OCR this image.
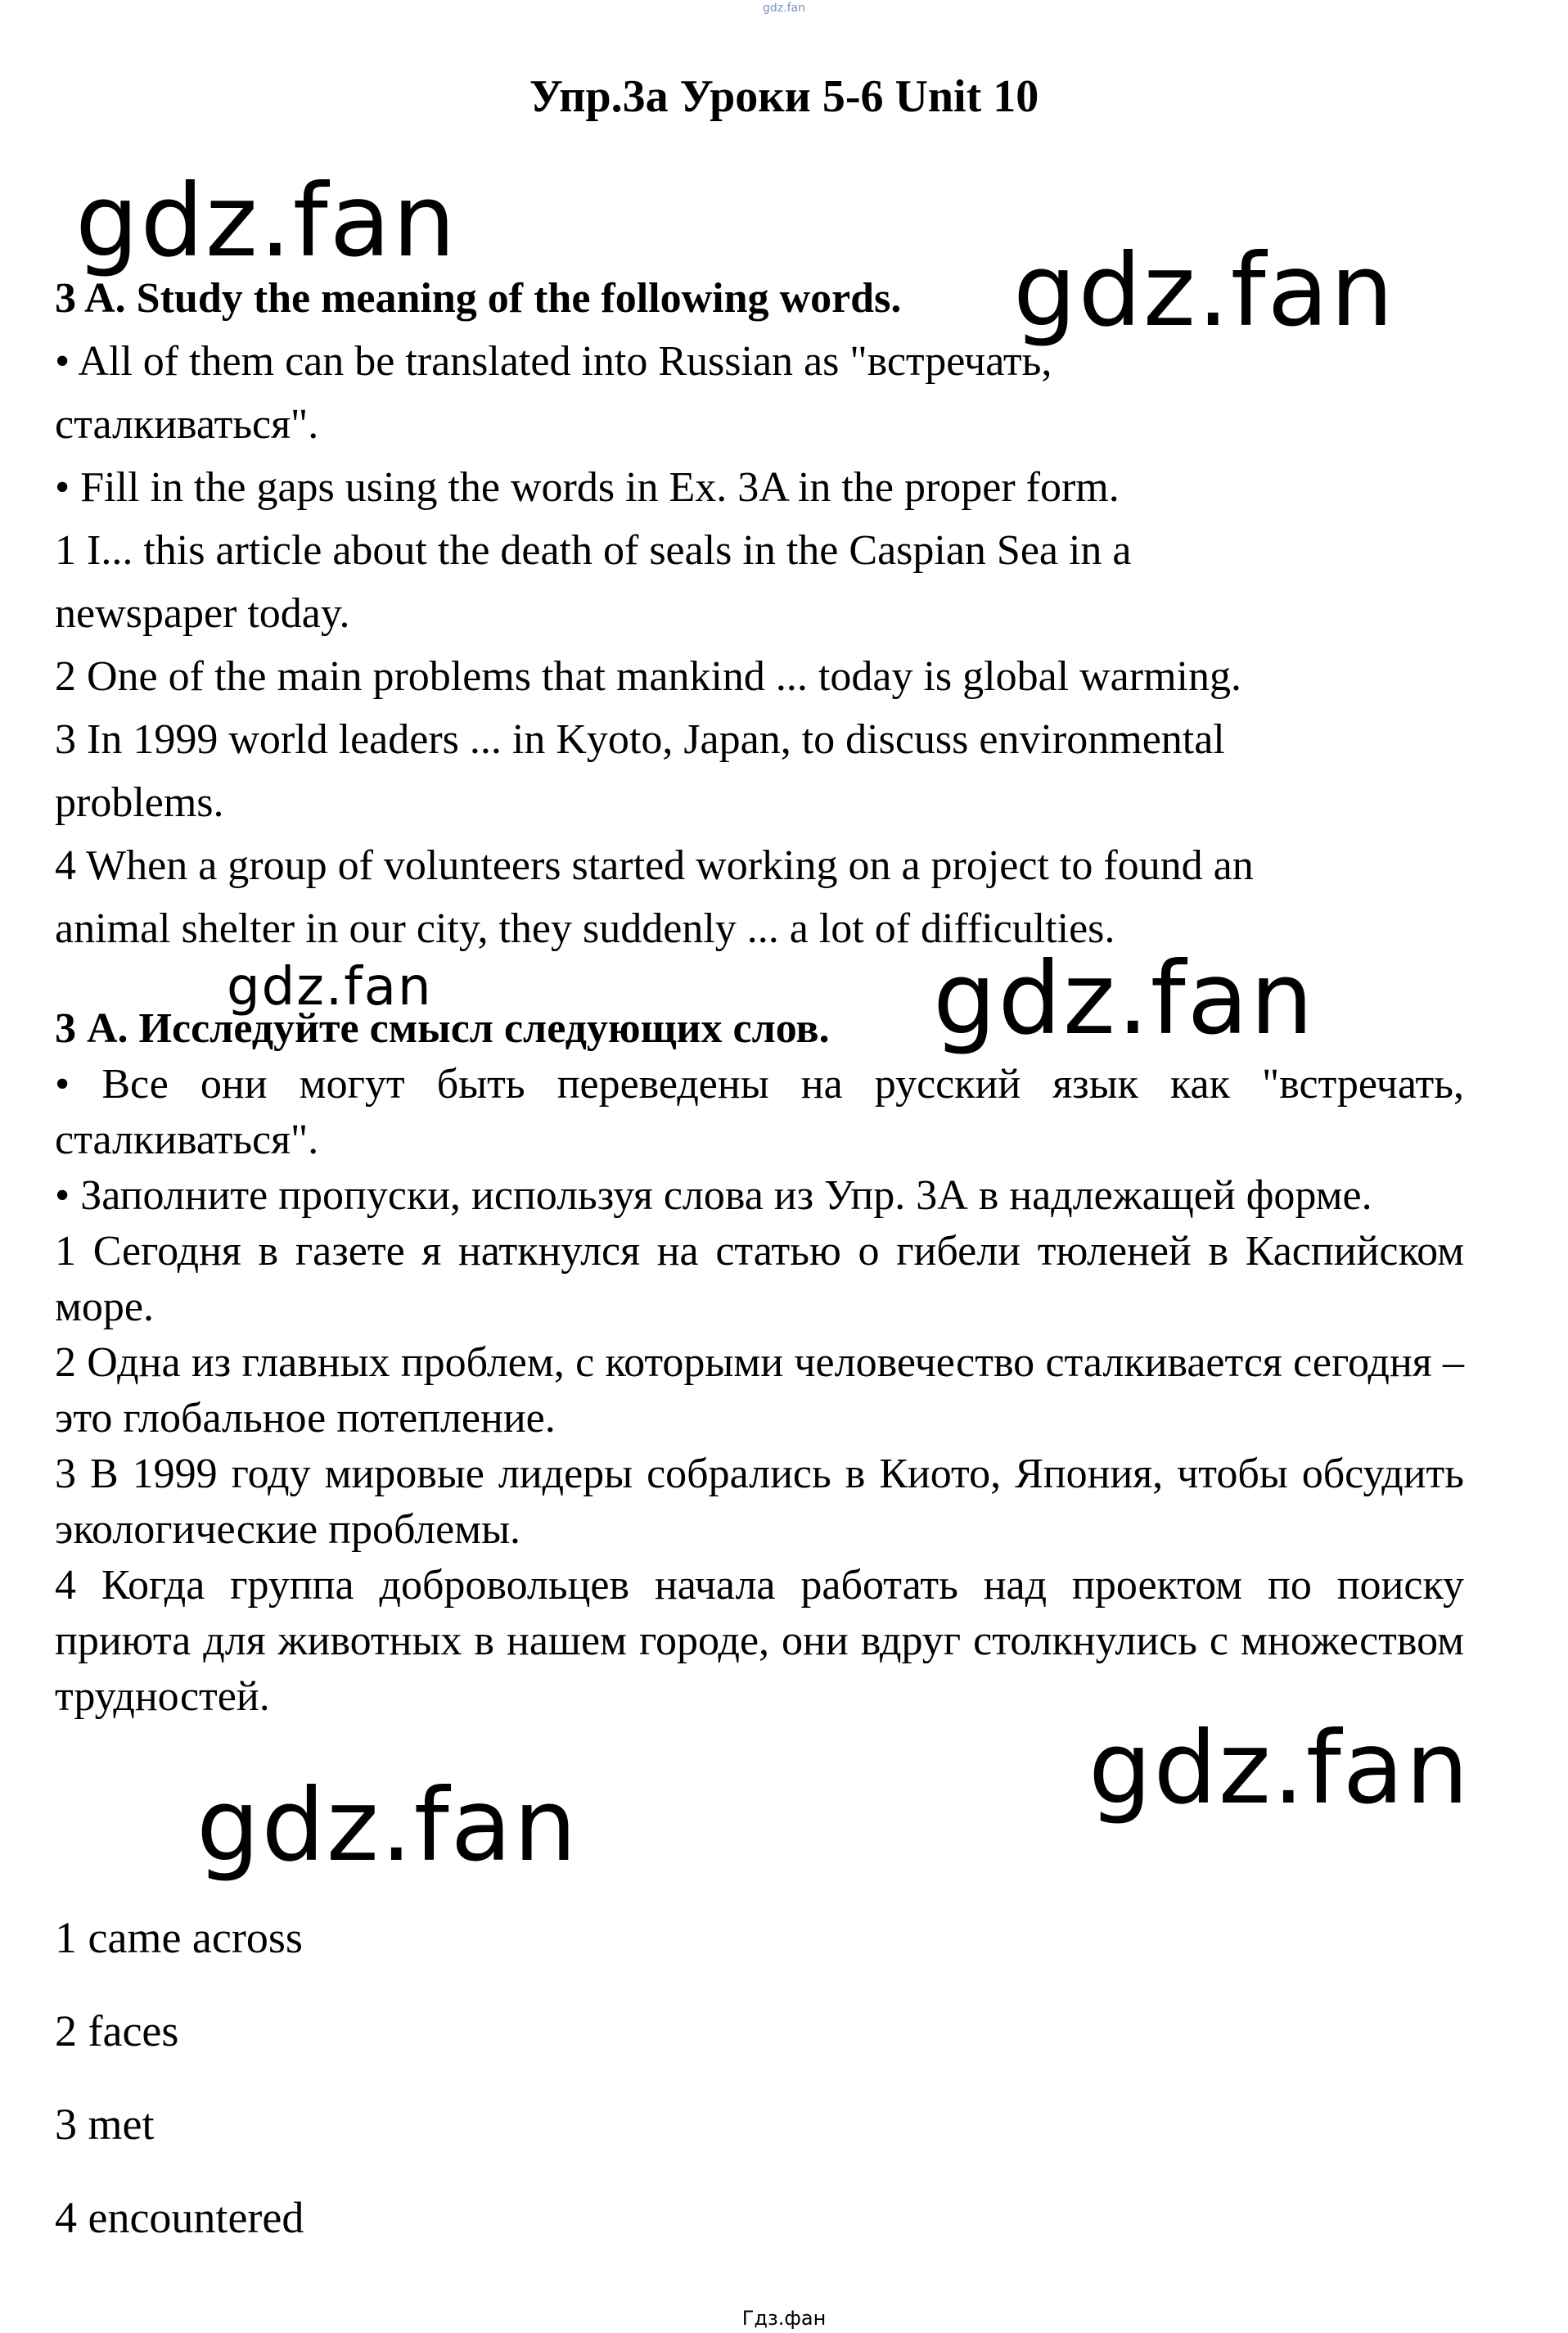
gdz.fan
Упр.3а Уроки 5-6 Unit 10
3 A. Study the meaning of the following words.
• All of them can be translated into Russian as "встречать,
сталкиваться".
• Fill in the gaps using the words in Ex. 3A in the proper form.
1 I... this article about the death of seals in the Caspian Sea in a
newspaper today.
2 One of the main problems that mankind ... today is global warming.
3 In 1999 world leaders ... in Kyoto, Japan, to discuss environmental
problems.
4 When a group of volunteers started working on a project to found an
animal shelter in our city, they suddenly ... a lot of difficulties.
3 А. Исследуйте смысл следующих слов.

• Все они могут быть переведены на русский язык как "встречать, сталкиваться".

• Заполните пропуски, используя слова из Упр. 3А в надлежащей форме.

1 Сегодня в газете я наткнулся на статью о гибели тюленей в Каспийском море.

2 Одна из главных проблем, с которыми человечество сталкивается сегодня – это глобальное потепление.

3 В 1999 году мировые лидеры собрались в Киото, Япония, чтобы обсудить экологические проблемы.

4 Когда группа добровольцев начала работать над проектом по поиску приюта для животных в нашем городе, они вдруг столкнулись с множеством трудностей.

1 came across
2 faces
3 met
4 encountered
gdz.fan
gdz.fan
gdz.fan	gdz.fan
gdz.fan
gdz.fan
Гдз.фан
